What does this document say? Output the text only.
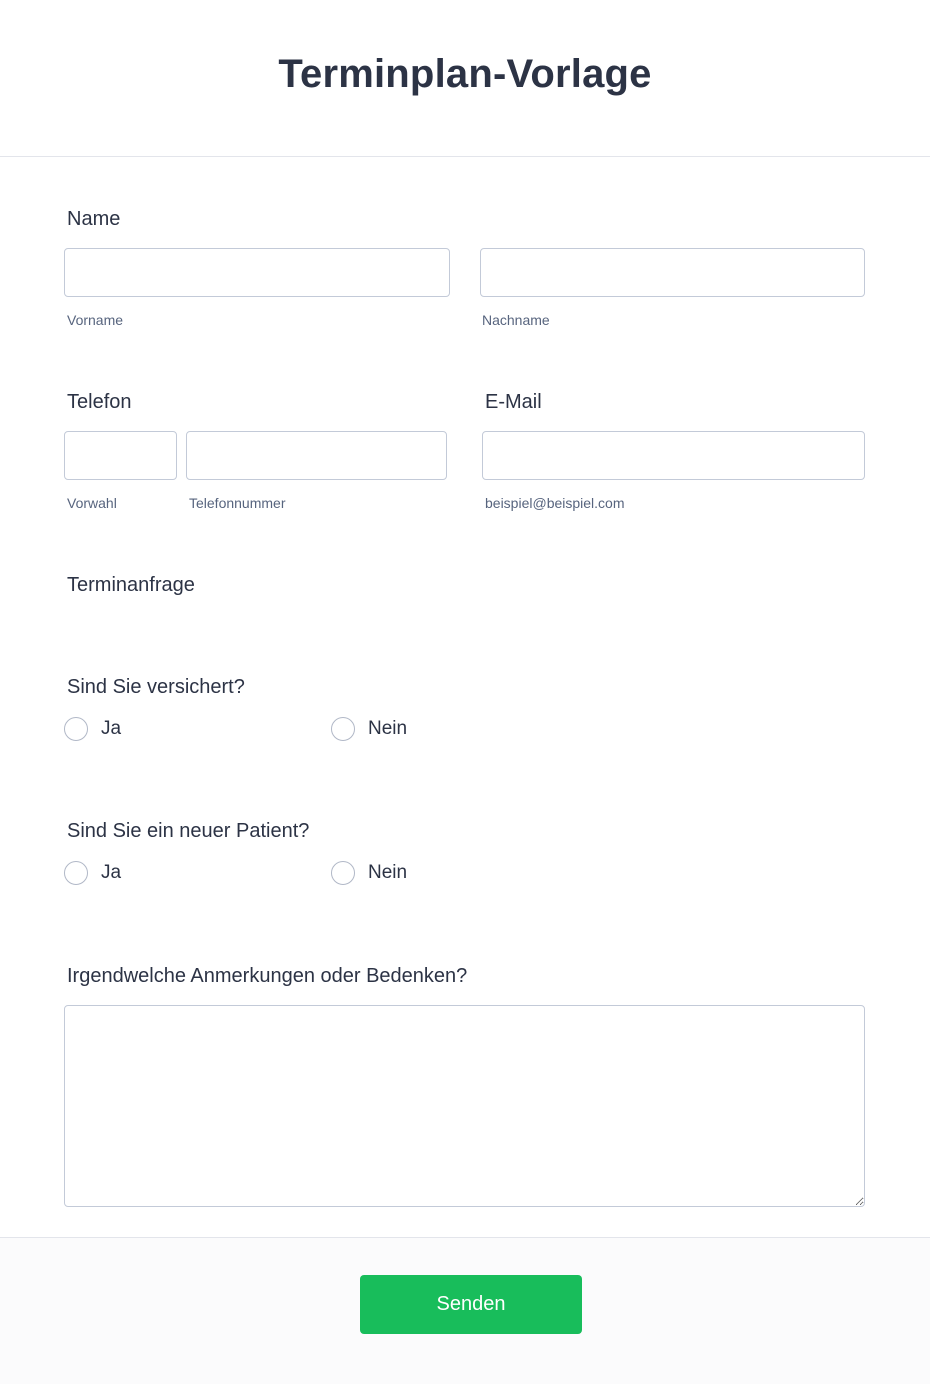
Terminplan-Vorlage
Name
Vorname	Nachname
Telefon
Vorwahl	Telefonnummer
E-Mail
beispiel@beispiel.com
Terminanfrage
Sind Sie versichert?
Ja	Nein
Sind Sie ein neuer Patient?
Ja	Nein
Irgendwelche Anmerkungen oder Bedenken?
Senden
